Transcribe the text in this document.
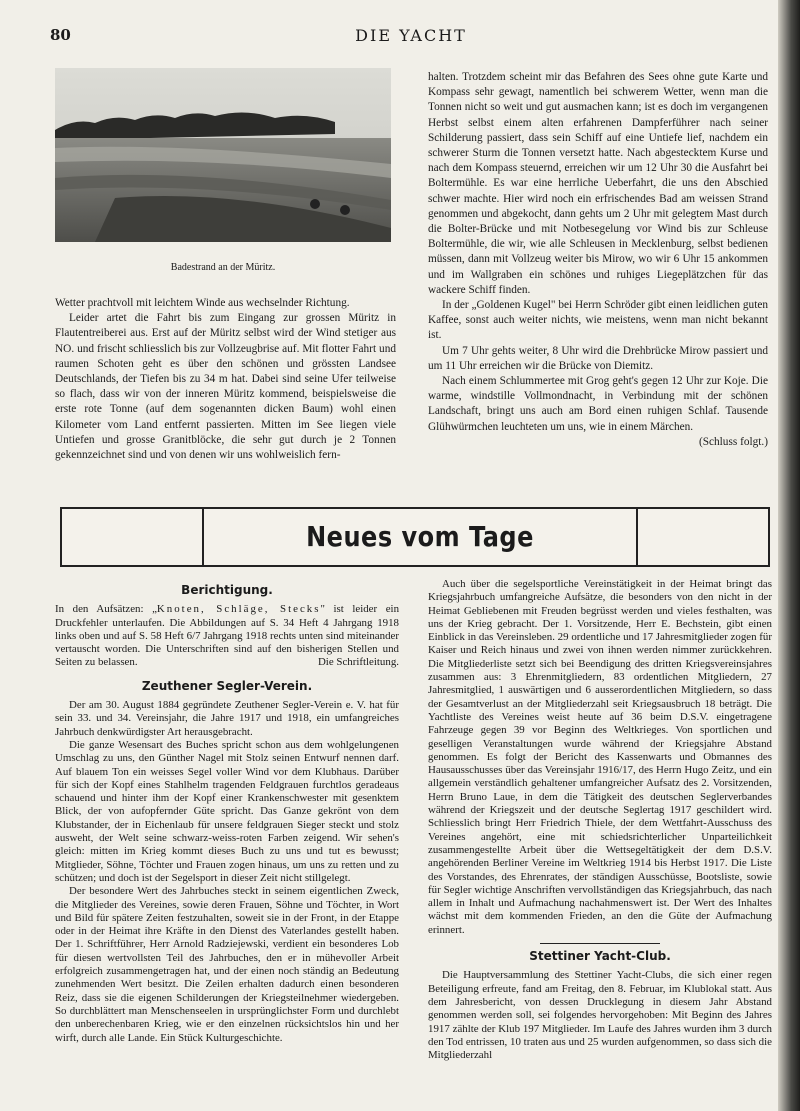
80	DIE YACHT
Badestrand an der Müritz.

Wetter prachtvoll mit leichtem Winde aus wechselnder Richtung.

Leider artet die Fahrt bis zum Eingang zur grossen Müritz in Flautentreiberei aus. Erst auf der Müritz selbst wird der Wind stetiger aus NO. und frischt schliesslich bis zur Vollzeugbrise auf. Mit flotter Fahrt und raumen Schoten geht es über den schönen und grössten Landsee Deutschlands, der Tiefen bis zu 34 m hat. Dabei sind seine Ufer teilweise so flach, dass wir von der inneren Müritz kommend, beispielsweise die erste rote Tonne (auf dem sogenannten dicken Baum) wohl einen Kilometer vom Land entfernt passierten. Mitten im See liegen viele Untiefen und grosse Granitblöcke, die sehr gut durch je 2 Tonnen gekennzeichnet sind und von denen wir uns wohlweislich fern-

halten. Trotzdem scheint mir das Befahren des Sees ohne gute Karte und Kompass sehr gewagt, namentlich bei schwerem Wetter, wenn man die Tonnen nicht so weit und gut ausmachen kann; ist es doch im vergangenen Herbst selbst einem alten erfahrenen Dampferführer nach seiner Schilderung passiert, dass sein Schiff auf eine Untiefe lief, nachdem ein schwerer Sturm die Tonnen versetzt hatte. Nach abgestecktem Kurse und nach dem Kompass steuernd, erreichen wir um 12 Uhr 30 die Ausfahrt bei Boltermühle. Es war eine herrliche Ueberfahrt, die uns den Abschied schwer machte. Hier wird noch ein erfrischendes Bad am weissen Strand genommen und abgekocht, dann gehts um 2 Uhr mit gelegtem Mast durch die Bolter-Brücke und mit Notbesegelung vor Wind bis zur Schleuse Boltermühle, die wir, wie alle Schleusen in Mecklenburg, selbst bedienen müssen, dann mit Vollzeug weiter bis Mirow, wo wir 6 Uhr 15 ankommen und im Wallgraben ein schönes und ruhiges Liegeplätzchen für das wackere Schiff finden.

In der „Goldenen Kugel" bei Herrn Schröder gibt einen leidlichen guten Kaffee, sonst auch weiter nichts, wie meistens, wenn man nicht bekannt ist.

Um 7 Uhr gehts weiter, 8 Uhr wird die Drehbrücke Mirow passiert und um 11 Uhr erreichen wir die Brücke von Diemitz.

Nach einem Schlummertee mit Grog geht's gegen 12 Uhr zur Koje. Die warme, windstille Vollmondnacht, in Verbindung mit der schönen Landschaft, bringt uns auch am Bord einen ruhigen Schlaf. Tausende Glühwürmchen leuchteten um uns, wie in einem Märchen.

(Schluss folgt.)
Neues vom Tage
Berichtigung.

In den Aufsätzen: „Knoten, Schläge, Stecks" ist leider ein Druckfehler unterlaufen. Die Abbildungen auf S. 34 Heft 4 Jahrgang 1918 links oben und auf S. 58 Heft 6/7 Jahrgang 1918 rechts unten sind miteinander vertauscht worden. Die Unterschriften sind auf den bisherigen Stellen und Seiten zu belassen.	Die Schriftleitung.

Zeuthener Segler-Verein.

Der am 30. August 1884 gegründete Zeuthener Segler-Verein e. V. hat für sein 33. und 34. Vereinsjahr, die Jahre 1917 und 1918, ein umfangreiches Jahrbuch denkwürdigster Art herausgebracht.

Die ganze Wesensart des Buches spricht schon aus dem wohlgelungenen Umschlag zu uns, den Günther Nagel mit Stolz seinen Entwurf nennen darf. Auf blauem Ton ein weisses Segel voller Wind vor dem Klubhaus. Darüber für sich der Kopf eines Stahlhelm tragenden Feldgrauen furchtlos geradeaus schauend und hinter ihm der Kopf einer Krankenschwester mit gesenktem Blick, der von aufopfernder Güte spricht. Das Ganze gekrönt von dem Klubstander, der in Eichenlaub für unsere feldgrauen Sieger steckt und stolz ausweht, der Welt seine schwarz-weiss-roten Farben zeigend. Wir sehen's gleich: mitten im Krieg kommt dieses Buch zu uns und tut es bewusst; Mitglieder, Söhne, Töchter und Frauen zogen hinaus, um uns zu retten und zu schützen; und doch ist der Segelsport in dieser Zeit nicht stillgelegt.

Der besondere Wert des Jahrbuches steckt in seinem eigentlichen Zweck, die Mitglieder des Vereines, sowie deren Frauen, Söhne und Töchter, in Wort und Bild für spätere Zeiten festzuhalten, soweit sie in der Front, in der Etappe oder in der Heimat ihre Kräfte in den Dienst des Vaterlandes gestellt haben. Der 1. Schriftführer, Herr Arnold Radziejewski, verdient ein besonderes Lob für diesen wertvollsten Teil des Jahrbuches, den er in mühevoller Arbeit erfolgreich zusammengetragen hat, und der einen noch ständig an Bedeutung zunehmenden Wert besitzt. Die Zeilen erhalten dadurch einen besonderen Reiz, dass sie die eigenen Schilderungen der Kriegsteilnehmer wiedergeben. So durchblättert man Menschenseelen in ursprünglichster Form und durchlebt den unberechenbaren Krieg, wie er den einzelnen rücksichtslos hin und her wirft, durch alle Lande. Ein Stück Kulturgeschichte.

Auch über die segelsportliche Vereinstätigkeit in der Heimat bringt das Kriegsjahrbuch umfangreiche Aufsätze, die besonders von den nicht in der Heimat Gebliebenen mit Freuden begrüsst werden und vieles festhalten, was uns der Krieg gebracht. Der 1. Vorsitzende, Herr E. Bechstein, gibt einen Einblick in das Vereinsleben. 29 ordentliche und 17 Jahresmitglieder zogen für Kaiser und Reich hinaus und zwei von ihnen werden nimmer zurückkehren. Die Mitgliederliste setzt sich bei Beendigung des dritten Kriegsvereinsjahres zusammen aus: 3 Ehrenmitgliedern, 83 ordentlichen Mitgliedern, 27 Jahresmitglied, 1 auswärtigen und 6 ausserordentlichen Mitgliedern, so dass der Gesamtverlust an der Mitgliederzahl seit Kriegsausbruch 18 beträgt. Die Yachtliste des Vereines weist heute auf 36 beim D.S.V. eingetragene Fahrzeuge gegen 39 vor Beginn des Weltkrieges. Von sportlichen und geselligen Veranstaltungen wurde während der Kriegsjahre Abstand genommen. Es folgt der Bericht des Kassenwarts und Obmannes des Hausausschusses über das Vereinsjahr 1916/17, des Herrn Hugo Zeitz, und ein allgemein verständlich gehaltener umfangreicher Aufsatz des 2. Vorsitzenden, Herrn Bruno Laue, in dem die Tätigkeit des deutschen Seglerverbandes während der Kriegszeit und der deutsche Seglertag 1917 geschildert wird. Schliesslich bringt Herr Friedrich Thiele, der dem Wettfahrt-Ausschuss des Vereines angehört, eine mit schiedsrichterlicher Unparteilichkeit zusammengestellte Arbeit über die Wettsegeltätigkeit der dem D.S.V. angehörenden Berliner Vereine im Weltkrieg 1914 bis Herbst 1917. Die Liste des Vorstandes, des Ehrenrates, der ständigen Ausschüsse, Bootsliste, sowie für Segler wichtige Anschriften vervollständigen das Kriegsjahrbuch, das nach allem in Inhalt und Aufmachung nachahmenswert ist. Der Wert des Inhaltes wächst mit dem kommenden Frieden, an den die Güte der Aufmachung erinnert.

Stettiner Yacht-Club.

Die Hauptversammlung des Stettiner Yacht-Clubs, die sich einer regen Beteiligung erfreute, fand am Freitag, den 8. Februar, im Klublokal statt. Aus dem Jahresbericht, von dessen Drucklegung in diesem Jahr Abstand genommen werden soll, sei folgendes hervorgehoben: Mit Beginn des Jahres 1917 zählte der Klub 197 Mitglieder. Im Laufe des Jahres wurden ihm 3 durch den Tod entrissen, 10 traten aus und 25 wurden aufgenommen, so dass sich die Mitgliederzahl
